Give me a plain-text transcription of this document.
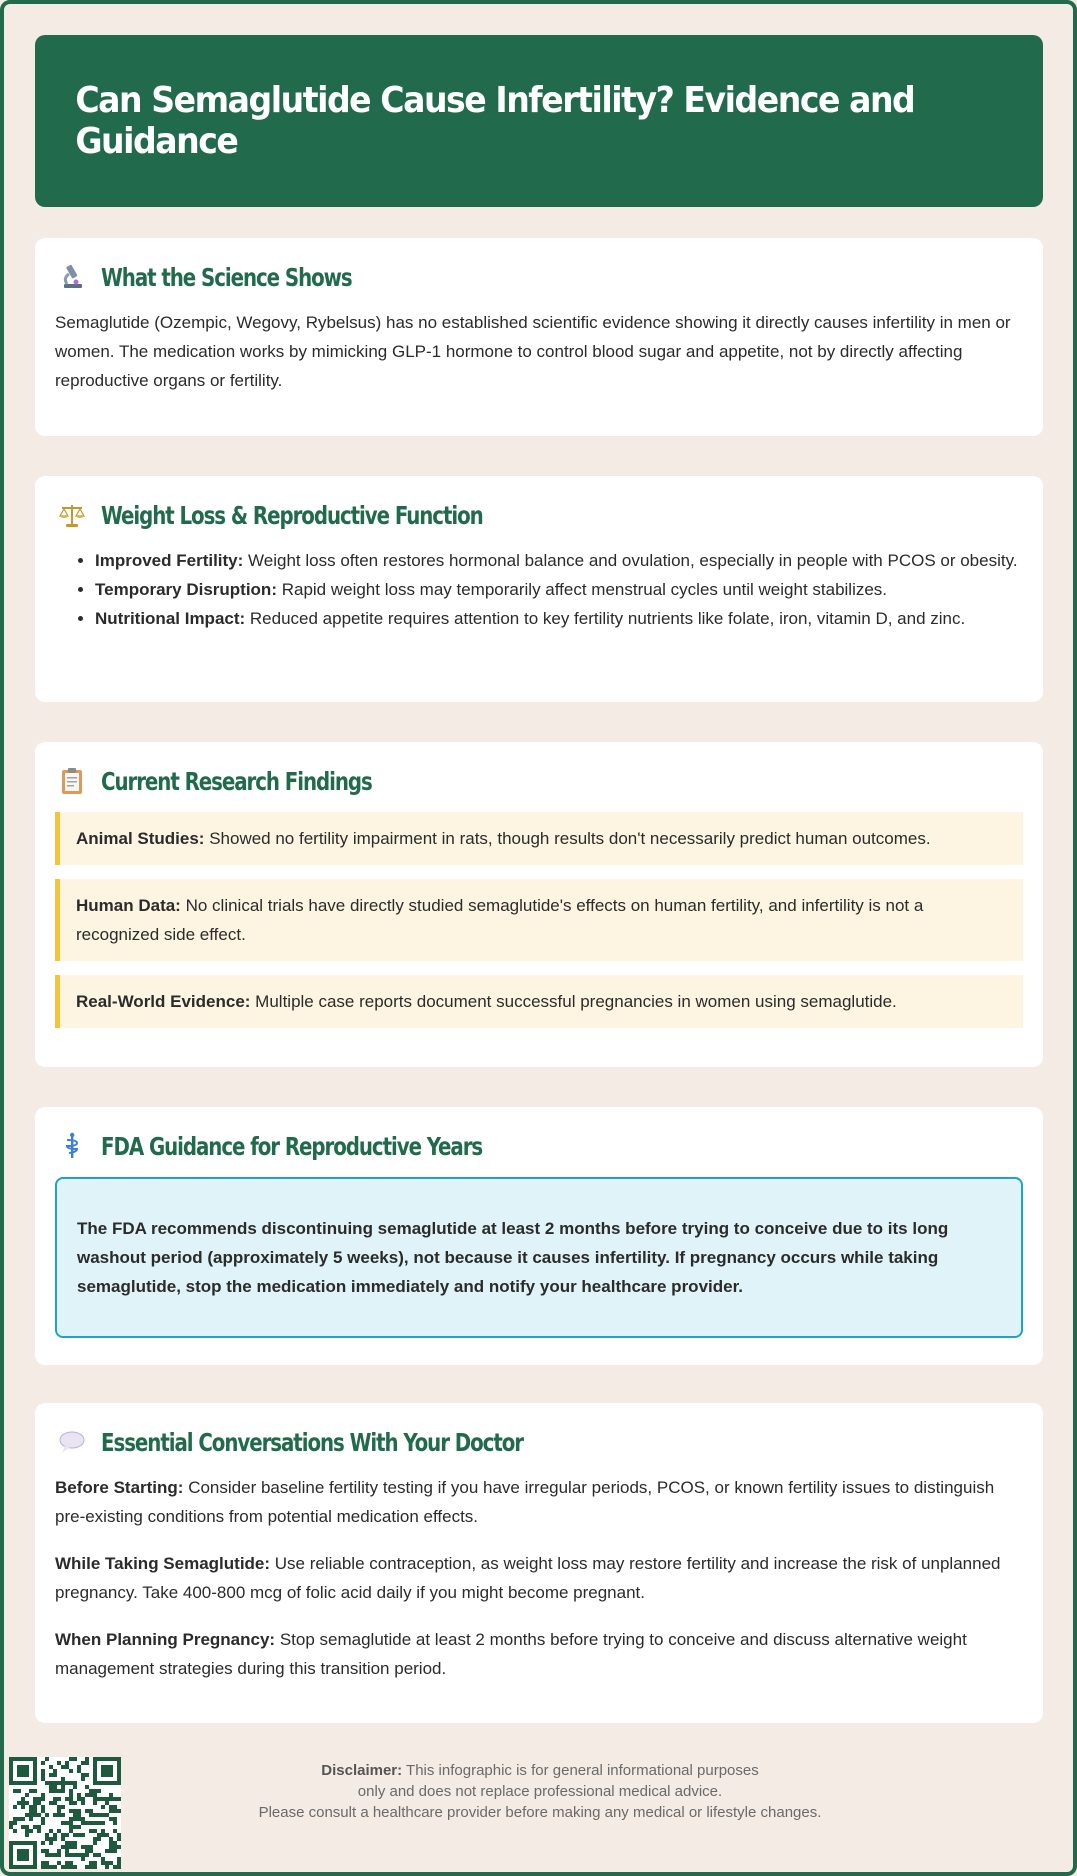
Can Semaglutide Cause Infertility? Evidence and Guidance
What the Science Shows

Semaglutide (Ozempic, Wegovy, Rybelsus) has no established scientific evidence showing it directly causes infertility in men or women. The medication works by mimicking GLP-1 hormone to control blood sugar and appetite, not by directly affecting reproductive organs or fertility.

Weight Loss & Reproductive Function
• Improved Fertility: Weight loss often restores hormonal balance and ovulation, especially in people with PCOS or obesity.
• Temporary Disruption: Rapid weight loss may temporarily affect menstrual cycles until weight stabilizes.
• Nutritional Impact: Reduced appetite requires attention to key fertility nutrients like folate, iron, vitamin D, and zinc.
Current Research Findings
Animal Studies: Showed no fertility impairment in rats, though results don't necessarily predict human outcomes.
Human Data: No clinical trials have directly studied semaglutide's effects on human fertility, and infertility is not a recognized side effect.
Real-World Evidence: Multiple case reports document successful pregnancies in women using semaglutide.
FDA Guidance for Reproductive Years
The FDA recommends discontinuing semaglutide at least 2 months before trying to conceive due to its long washout period (approximately 5 weeks), not because it causes infertility. If pregnancy occurs while taking semaglutide, stop the medication immediately and notify your healthcare provider.
Essential Conversations With Your Doctor

Before Starting: Consider baseline fertility testing if you have irregular periods, PCOS, or known fertility issues to distinguish pre-existing conditions from potential medication effects.

While Taking Semaglutide: Use reliable contraception, as weight loss may restore fertility and increase the risk of unplanned pregnancy. Take 400-800 mcg of folic acid daily if you might become pregnant.

When Planning Pregnancy: Stop semaglutide at least 2 months before trying to conceive and discuss alternative weight management strategies during this transition period.

Disclaimer: This infographic is for general informational purposes
only and does not replace professional medical advice.
Please consult a healthcare provider before making any medical or lifestyle changes.
